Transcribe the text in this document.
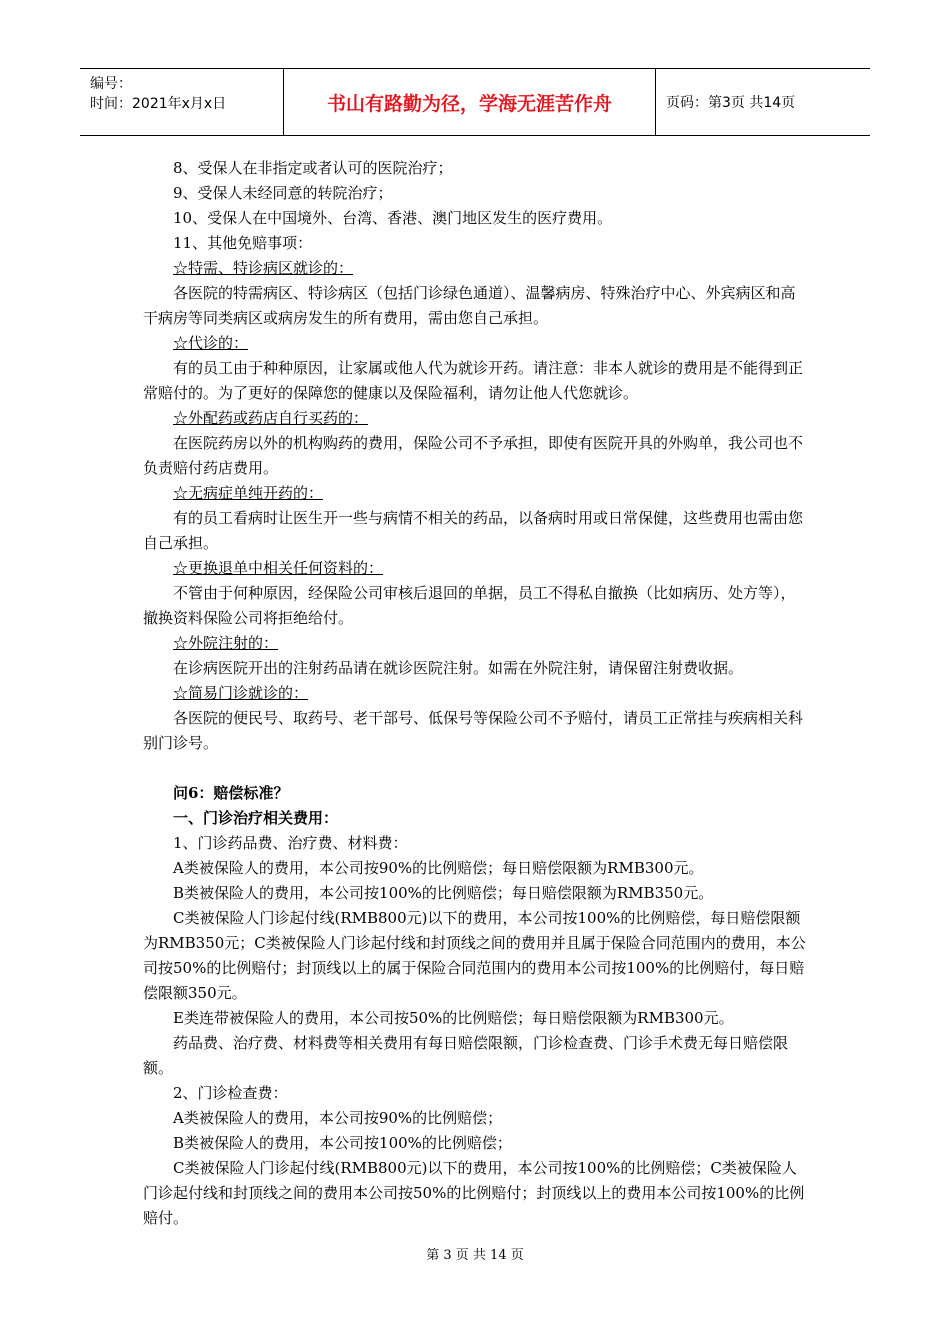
编号：
时间：2021年x月x日	书山有路勤为径，学海无涯苦作舟	页码：第3页 共14页

8、受保人在非指定或者认可的医院治疗；

9、受保人未经同意的转院治疗；

10、受保人在中国境外、台湾、香港、澳门地区发生的医疗费用。

11、其他免赔事项：

☆特需、特诊病区就诊的：

各医院的特需病区、特诊病区（包括门诊绿色通道）、温馨病房、特殊治疗中心、外宾病区和高干病房等同类病区或病房发生的所有费用，需由您自己承担。

☆代诊的：

有的员工由于种种原因，让家属或他人代为就诊开药。请注意：非本人就诊的费用是不能得到正常赔付的。为了更好的保障您的健康以及保险福利，请勿让他人代您就诊。

☆外配药或药店自行买药的：

在医院药房以外的机构购药的费用，保险公司不予承担，即使有医院开具的外购单，我公司也不负责赔付药店费用。

☆无病症单纯开药的：

有的员工看病时让医生开一些与病情不相关的药品，以备病时用或日常保健，这些费用也需由您自己承担。

☆更换退单中相关任何资料的：

不管由于何种原因，经保险公司审核后退回的单据，员工不得私自撤换（比如病历、处方等），撤换资料保险公司将拒绝给付。

☆外院注射的：

在诊病医院开出的注射药品请在就诊医院注射。如需在外院注射，请保留注射费收据。

☆简易门诊就诊的：

各医院的便民号、取药号、老干部号、低保号等保险公司不予赔付，请员工正常挂与疾病相关科别门诊号。

问6：赔偿标准？

一、门诊治疗相关费用：

1、门诊药品费、治疗费、材料费：

A类被保险人的费用，本公司按90%的比例赔偿；每日赔偿限额为RMB300元。

B类被保险人的费用，本公司按100%的比例赔偿；每日赔偿限额为RMB350元。

C类被保险人门诊起付线(RMB800元)以下的费用，本公司按100%的比例赔偿，每日赔偿限额为RMB350元；C类被保险人门诊起付线和封顶线之间的费用并且属于保险合同范围内的费用，本公司按50%的比例赔付；封顶线以上的属于保险合同范围内的费用本公司按100%的比例赔付，每日赔偿限额350元。

E类连带被保险人的费用，本公司按50%的比例赔偿；每日赔偿限额为RMB300元。

药品费、治疗费、材料费等相关费用有每日赔偿限额，门诊检查费、门诊手术费无每日赔偿限额。

2、门诊检查费：

A类被保险人的费用，本公司按90%的比例赔偿；

B类被保险人的费用，本公司按100%的比例赔偿；

C类被保险人门诊起付线(RMB800元)以下的费用，本公司按100%的比例赔偿；C类被保险人门诊起付线和封顶线之间的费用本公司按50%的比例赔付；封顶线以上的费用本公司按100%的比例赔付。

第 3 页 共 14 页
